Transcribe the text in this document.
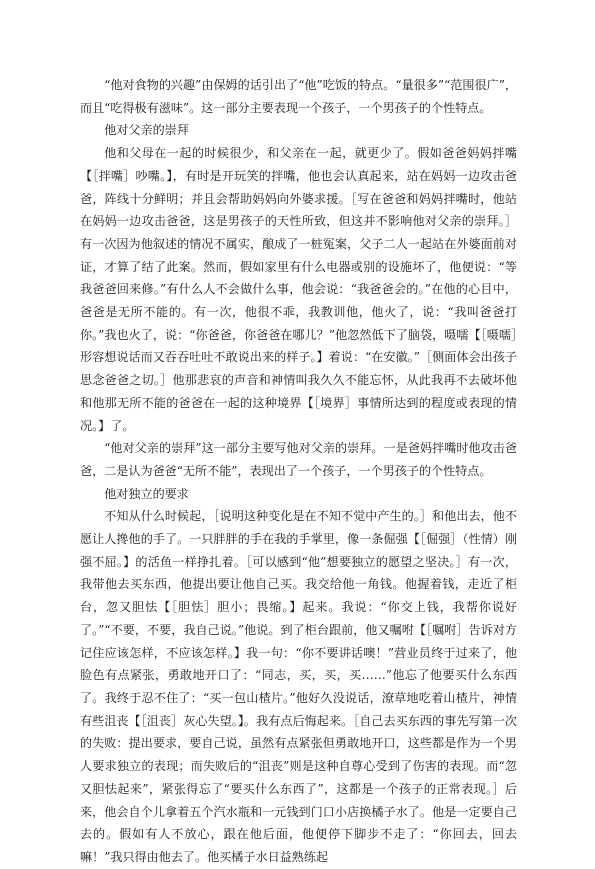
“他对食物的兴趣”由保姆的话引出了“他”吃饭的特点。“量很多”“范围很广”，而且“吃得极有滋味”。这一部分主要表现一个孩子，一个男孩子的个性特点。

他对父亲的崇拜

他和父母在一起的时候很少，和父亲在一起，就更少了。假如爸爸妈妈拌嘴【［拌嘴］吵嘴。】，有时是开玩笑的拌嘴，他也会认真起来，站在妈妈一边攻击爸爸，阵线十分鲜明；并且会帮助妈妈向外婆求援。［写在爸爸和妈妈拌嘴时，他站在妈妈一边攻击爸爸，这是男孩子的天性所致，但这并不影响他对父亲的崇拜。］有一次因为他叙述的情况不属实，酿成了一桩冤案，父子二人一起站在外婆面前对证，才算了结了此案。然而，假如家里有什么电器或别的设施坏了，他便说：“等我爸爸回来修。”有什么人不会做什么事，他会说：“我爸爸会的。”在他的心目中，爸爸是无所不能的。有一次，他很不乖，我教训他，他火了，说：“我叫爸爸打你。”我也火了，说：“你爸爸，你爸爸在哪儿？”他忽然低下了脑袋，嗫嚅【［嗫嚅］形容想说话而又吞吞吐吐不敢说出来的样子。】着说：“在安徽。”［侧面体会出孩子思念爸爸之切。］他那悲哀的声音和神情叫我久久不能忘怀，从此我再不去破坏他和他那无所不能的爸爸在一起的这种境界【［境界］事情所达到的程度或表现的情况。】了。

“他对父亲的崇拜”这一部分主要写他对父亲的崇拜。一是爸妈拌嘴时他攻击爸爸，二是认为爸爸“无所不能”，表现出了一个孩子，一个男孩子的个性特点。

他对独立的要求

不知从什么时候起，［说明这种变化是在不知不觉中产生的。］和他出去，他不愿让人搀他的手了。一只胖胖的手在我的手掌里，像一条倔强【［倔强］（性情）刚强不屈。】的活鱼一样挣扎着。［可以感到“他”想要独立的愿望之坚决。］有一次，我带他去买东西，他提出要让他自己买。我交给他一角钱。他握着钱，走近了柜台，忽又胆怯【［胆怯］胆小；畏缩。】起来。我说：“你交上钱，我帮你说好了。”“不要，不要，我自己说。”他说。到了柜台跟前，他又嘱咐【［嘱咐］告诉对方记住应该怎样，不应该怎样。】我一句：“你不要讲话噢！”营业员终于过来了，他脸色有点紧张，勇敢地开口了：“同志，买，买，买……”他忘了他要买什么东西了。我终于忍不住了：“买一包山楂片。”他好久没说话，潦草地吃着山楂片，神情有些沮丧【［沮丧］灰心失望。】。我有点后悔起来。［自己去买东西的事先写第一次的失败：提出要求，要自己说，虽然有点紧张但勇敢地开口，这些都是作为一个男人要求独立的表现；而失败后的“沮丧”则是这种自尊心受到了伤害的表现。而“忽又胆怯起来”，紧张得忘了“要买什么东西了”，这都是一个孩子的正常表现。］后来，他会自个儿拿着五个汽水瓶和一元钱到门口小店换橘子水了。他是一定要自己去的。假如有人不放心，跟在他后面，他便停下脚步不走了：“你回去，回去嘛！”我只得由他去了。他买橘子水日益熟练起
